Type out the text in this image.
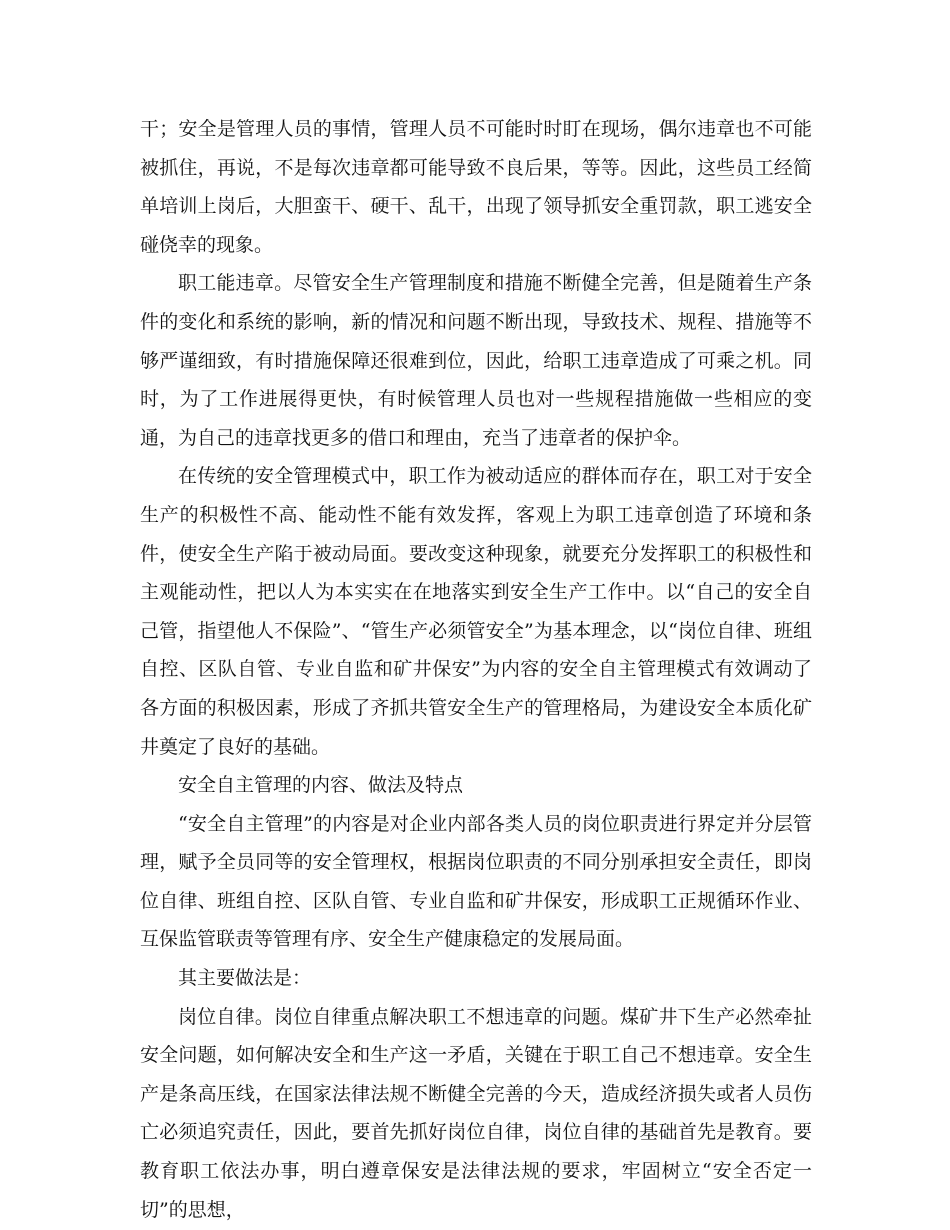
干；安全是管理人员的事情，管理人员不可能时时盯在现场，偶尔违章也不可能被抓住，再说，不是每次违章都可能导致不良后果，等等。因此，这些员工经简单培训上岗后，大胆蛮干、硬干、乱干，出现了领导抓安全重罚款，职工逃安全碰侥幸的现象。

职工能违章。尽管安全生产管理制度和措施不断健全完善，但是随着生产条件的变化和系统的影响，新的情况和问题不断出现，导致技术、规程、措施等不够严谨细致，有时措施保障还很难到位，因此，给职工违章造成了可乘之机。同时，为了工作进展得更快，有时候管理人员也对一些规程措施做一些相应的变通，为自己的违章找更多的借口和理由，充当了违章者的保护伞。

在传统的安全管理模式中，职工作为被动适应的群体而存在，职工对于安全生产的积极性不高、能动性不能有效发挥，客观上为职工违章创造了环境和条件，使安全生产陷于被动局面。要改变这种现象，就要充分发挥职工的积极性和主观能动性，把以人为本实实在在地落实到安全生产工作中。以“自己的安全自己管，指望他人不保险”、“管生产必须管安全”为基本理念，以“岗位自律、班组自控、区队自管、专业自监和矿井保安”为内容的安全自主管理模式有效调动了各方面的积极因素，形成了齐抓共管安全生产的管理格局，为建设安全本质化矿井奠定了良好的基础。

安全自主管理的内容、做法及特点

“安全自主管理”的内容是对企业内部各类人员的岗位职责进行界定并分层管理，赋予全员同等的安全管理权，根据岗位职责的不同分别承担安全责任，即岗位自律、班组自控、区队自管、专业自监和矿井保安，形成职工正规循环作业、互保监管联责等管理有序、安全生产健康稳定的发展局面。

其主要做法是：

岗位自律。岗位自律重点解决职工不想违章的问题。煤矿井下生产必然牵扯安全问题，如何解决安全和生产这一矛盾，关键在于职工自己不想违章。安全生产是条高压线，在国家法律法规不断健全完善的今天，造成经济损失或者人员伤亡必须追究责任，因此，要首先抓好岗位自律，岗位自律的基础首先是教育。要教育职工依法办事，明白遵章保安是法律法规的要求，牢固树立“安全否定一切”的思想，
